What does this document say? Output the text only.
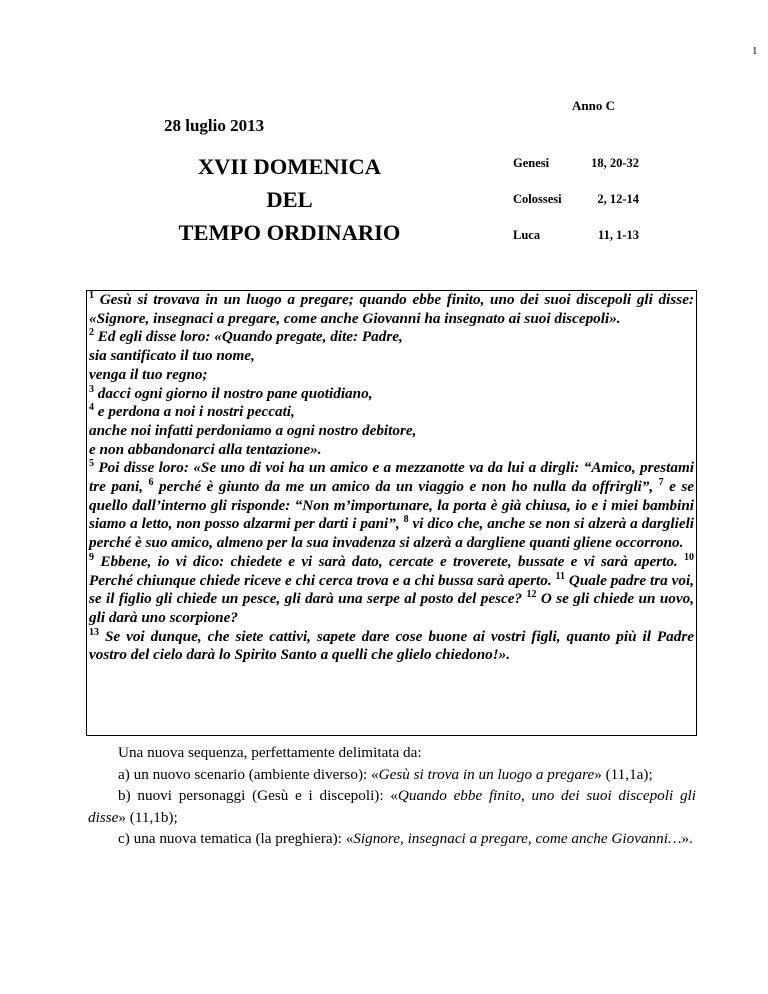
1
Anno C
28 luglio 2013
XVII DOMENICA
DEL
TEMPO ORDINARIO
Genesi	18, 20-32
Colossesi	2, 12-14
Luca	11, 1-13

$^1$ Gesù si trovava in un luogo a pregare; quando ebbe finito, uno dei suoi discepoli gli disse: «Signore, insegnaci a pregare, come anche Giovanni ha insegnato ai suoi discepoli».

$^2$ Ed egli disse loro: «Quando pregate, dite: Padre,

sia santificato il tuo nome,

venga il tuo regno;

$^3$ dacci ogni giorno il nostro pane quotidiano,

$^4$ e perdona a noi i nostri peccati,

anche noi infatti perdoniamo a ogni nostro debitore,

e non abbandonarci alla tentazione».

$^5$ Poi disse loro: «Se uno di voi ha un amico e a mezzanotte va da lui a dirgli: “Amico, prestami tre pani, $^6$ perché è giunto da me un amico da un viaggio e non ho nulla da offrirgli”, $^7$ e se quello dall’interno gli risponde: “Non m’importunare, la porta è già chiusa, io e i miei bambini siamo a letto, non posso alzarmi per darti i pani”, $^8$ vi dico che, anche se non si alzerà a darglieli perché è suo amico, almeno per la sua invadenza si alzerà a dargliene quanti gliene occorrono.

$^9$ Ebbene, io vi dico: chiedete e vi sarà dato, cercate e troverete, bussate e vi sarà aperto. $^{10}$ Perché chiunque chiede riceve e chi cerca trova e a chi bussa sarà aperto. $^{11}$ Quale padre tra voi, se il figlio gli chiede un pesce, gli darà una serpe al posto del pesce? $^{12}$ O se gli chiede un uovo, gli darà uno scorpione?

$^{13}$ Se voi dunque, che siete cattivi, sapete dare cose buone ai vostri figli, quanto più il Padre vostro del cielo darà lo Spirito Santo a quelli che glielo chiedono!».

Una nuova sequenza, perfettamente delimitata da:

a) un nuovo scenario (ambiente diverso): «Gesù si trova in un luogo a pregare» (11,1a);

b) nuovi personaggi (Gesù e i discepoli): «Quando ebbe finito, uno dei suoi discepoli gli disse» (11,1b);

c) una nuova tematica (la preghiera): «Signore, insegnaci a pregare, come anche Giovanni…».
